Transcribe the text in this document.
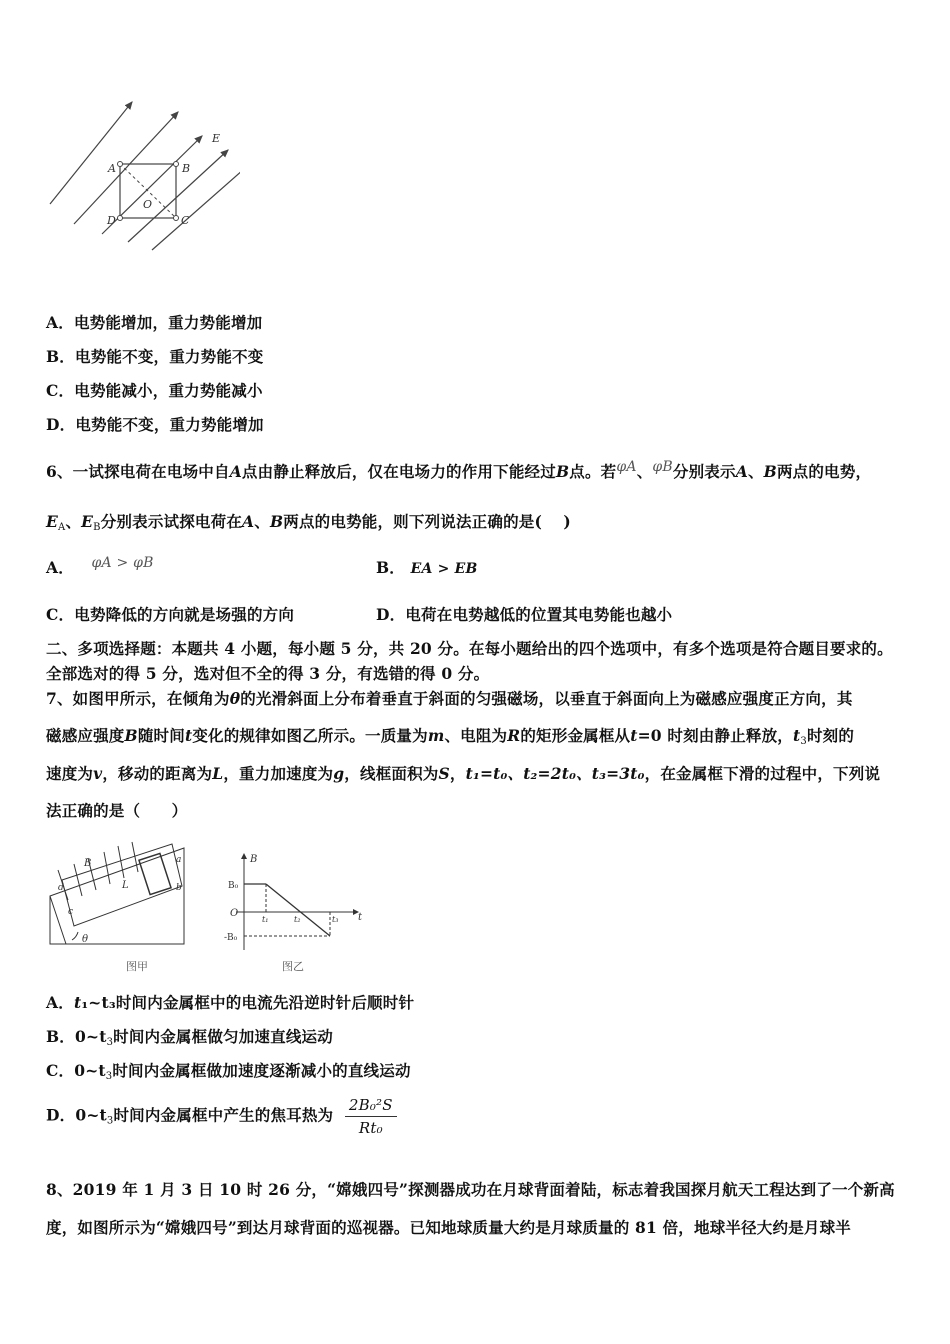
E
A	B
D	C
O
A．电势能增加，重力势能增加
B．电势能不变，重力势能不变
C．电势能减小，重力势能减小
D．电势能不变，重力势能增加
6、一试探电荷在电场中自A点由静止释放后，仅在电场力的作用下能经过B点。若φA、φB分别表示A、B两点的电势，
$E_A$、$E_B$分别表示试探电荷在A、B两点的电势能，则下列说法正确的是(　 )
A． φA > φB	B． EA > EB
C．电势降低的方向就是场强的方向	D．电荷在电势越低的位置其电势能也越小
二、多项选择题：本题共 4 小题，每小题 5 分，共 20 分。在每小题给出的四个选项中，有多个选项是符合题目要求的。
全部选对的得 5 分，选对但不全的得 3 分，有选错的得 0 分。
7、如图甲所示，在倾角为θ的光滑斜面上分布着垂直于斜面的匀强磁场，以垂直于斜面向上为磁感应强度正方向，其
磁感应强度B随时间t变化的规律如图乙所示。一质量为m、电阻为R的矩形金属框从t=0 时刻由静止释放，$t_3$时刻的
速度为v，移动的距离为L，重力加速度为g，线框面积为S，t₁=t₀、t₂=2t₀、t₃=3t₀，在金属框下滑的过程中，下列说
法正确的是（　　）
B
L
θ
a
b
c
d
图甲
B
B₀
O
-B₀
t
t₁	t₂	t₃
图乙
A．t₁~t₃时间内金属框中的电流先沿逆时针后顺时针
B．$0\sim t_3$时间内金属框做匀加速直线运动
C．$0\sim t_3$时间内金属框做加速度逐渐减小的直线运动
D．$0\sim t_3$时间内金属框中产生的焦耳热为 $\frac{\text{2B₀²S}}{\text{Rt₀}}$
8、2019 年 1 月 3 日 10 时 26 分，“嫦娥四号”探测器成功在月球背面着陆，标志着我国探月航天工程达到了一个新高
度，如图所示为“嫦娥四号”到达月球背面的巡视器。已知地球质量大约是月球质量的 81 倍，地球半径大约是月球半
